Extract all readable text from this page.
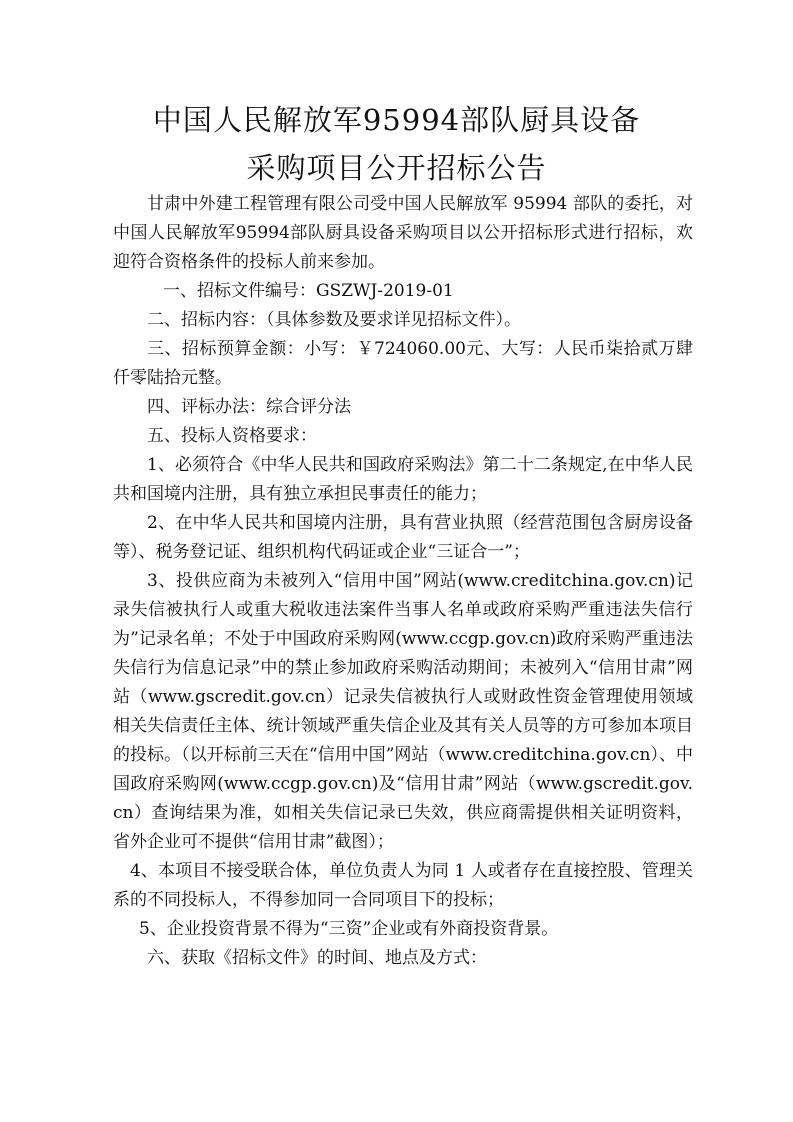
中国人民解放军95994部队厨具设备
采购项目公开招标公告

甘肃中外建工程管理有限公司受中国人民解放军 95994 部队的委托，对中国人民解放军95994部队厨具设备采购项目以公开招标形式进行招标，欢迎符合资格条件的投标人前来参加。

一、招标文件编号：GSZWJ-2019-01

二、招标内容：（具体参数及要求详见招标文件）。

三、招标预算金额：小写：￥724060.00元、大写：人民币柒拾贰万肆仟零陆拾元整。

四、评标办法：综合评分法

五、投标人资格要求：

1、必须符合《中华人民共和国政府采购法》第二十二条规定,在中华人民共和国境内注册，具有独立承担民事责任的能力；

2、在中华人民共和国境内注册，具有营业执照（经营范围包含厨房设备等）、税务登记证、组织机构代码证或企业“三证合一”；

3、投供应商为未被列入“信用中国”网站(www.creditchina.gov.cn)记录失信被执行人或重大税收违法案件当事人名单或政府采购严重违法失信行为”记录名单；不处于中国政府采购网(www.ccgp.gov.cn)政府采购严重违法失信行为信息记录”中的禁止参加政府采购活动期间；未被列入“信用甘肃”网站（www.gscredit.gov.cn）记录失信被执行人或财政性资金管理使用领域相关失信责任主体、统计领域严重失信企业及其有关人员等的方可参加本项目的投标。（以开标前三天在“信用中国”网站（www.creditchina.gov.cn）、中国政府采购网(www.ccgp.gov.cn)及“信用甘肃”网站（www.gscredit.gov.cn）查询结果为准，如相关失信记录已失效，供应商需提供相关证明资料，省外企业可不提供“信用甘肃”截图）；

4、本项目不接受联合体，单位负责人为同 1 人或者存在直接控股、管理关系的不同投标人，不得参加同一合同项目下的投标；

5、企业投资背景不得为“三资”企业或有外商投资背景。

六、获取《招标文件》的时间、地点及方式：
